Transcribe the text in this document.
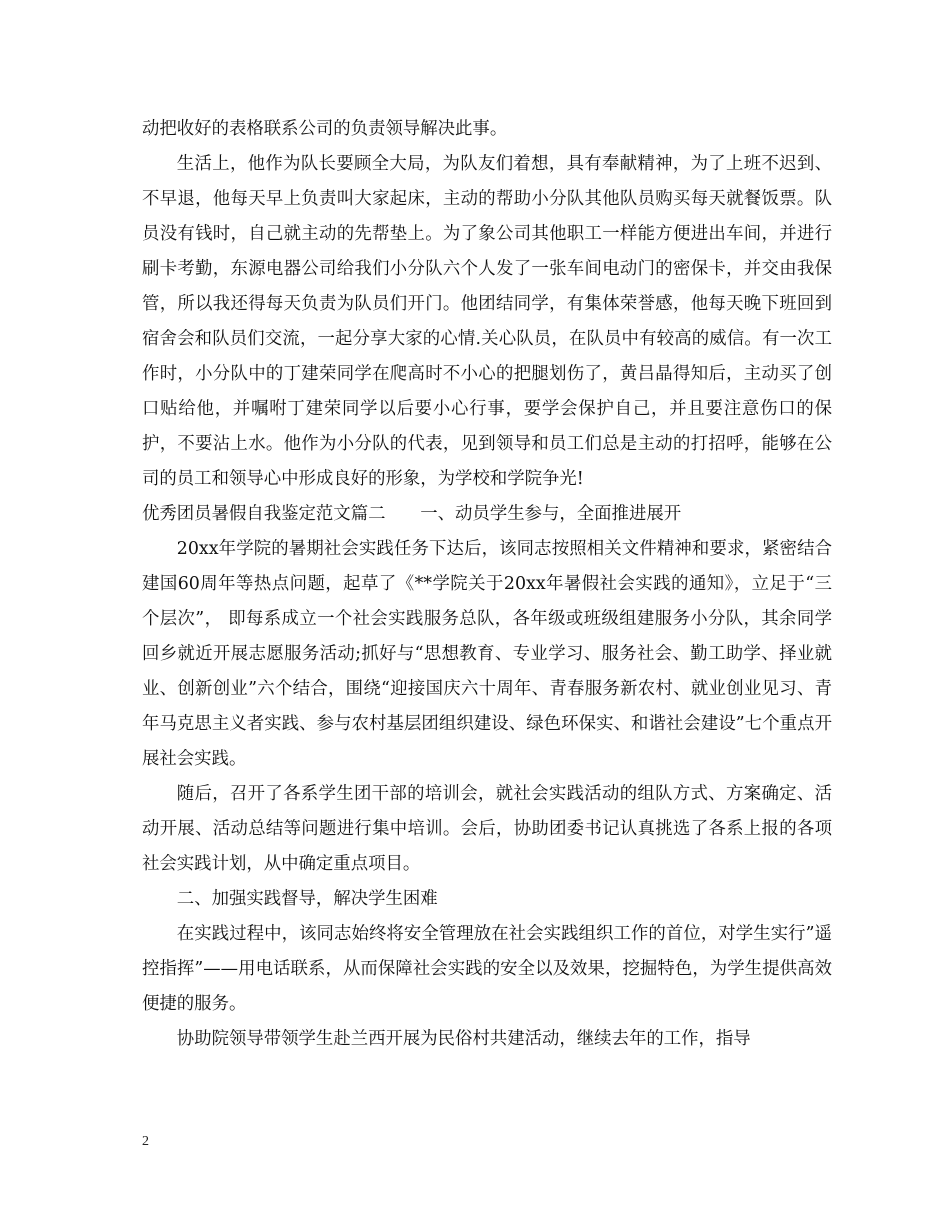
动把收好的表格联系公司的负责领导解决此事。

生活上，他作为队长要顾全大局，为队友们着想，具有奉献精神，为了上班不迟到、不早退，他每天早上负责叫大家起床，主动的帮助小分队其他队员购买每天就餐饭票。队员没有钱时，自己就主动的先帮垫上。为了象公司其他职工一样能方便进出车间，并进行刷卡考勤，东源电器公司给我们小分队六个人发了一张车间电动门的密保卡，并交由我保管，所以我还得每天负责为队员们开门。他团结同学，有集体荣誉感，他每天晚下班回到宿舍会和队员们交流，一起分享大家的心情.关心队员，在队员中有较高的威信。有一次工作时，小分队中的丁建荣同学在爬高时不小心的把腿划伤了，黄吕晶得知后，主动买了创口贴给他，并嘱咐丁建荣同学以后要小心行事，要学会保护自己，并且要注意伤口的保护，不要沾上水。他作为小分队的代表，见到领导和员工们总是主动的打招呼，能够在公司的员工和领导心中形成良好的形象，为学校和学院争光!

优秀团员暑假自我鉴定范文篇二　　一、动员学生参与，全面推进展开

20xx年学院的暑期社会实践任务下达后，该同志按照相关文件精神和要求，紧密结合建国60周年等热点问题，起草了《**学院关于20xx年暑假社会实践的通知》，立足于“三个层次”， 即每系成立一个社会实践服务总队，各年级或班级组建服务小分队，其余同学回乡就近开展志愿服务活动;抓好与“思想教育、专业学习、服务社会、勤工助学、择业就业、创新创业”六个结合，围绕“迎接国庆六十周年、青春服务新农村、就业创业见习、青年马克思主义者实践、参与农村基层团组织建设、绿色环保实、和谐社会建设”七个重点开展社会实践。

随后，召开了各系学生团干部的培训会，就社会实践活动的组队方式、方案确定、活动开展、活动总结等问题进行集中培训。会后，协助团委书记认真挑选了各系上报的各项社会实践计划，从中确定重点项目。

二、加强实践督导，解决学生困难

在实践过程中，该同志始终将安全管理放在社会实践组织工作的首位，对学生实行”遥控指挥”——用电话联系，从而保障社会实践的安全以及效果，挖掘特色，为学生提供高效便捷的服务。

协助院领导带领学生赴兰西开展为民俗村共建活动，继续去年的工作，指导

2
